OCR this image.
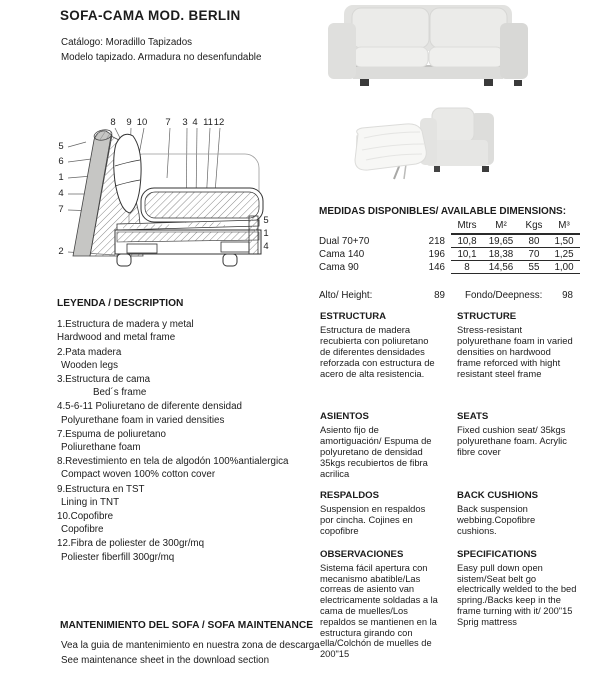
SOFA-CAMA MOD. BERLIN
Catálogo: Moradillo Tapizados
Modelo tapizado. Armadura no desenfundable
8	9 10	7	3 4 11 12
5
6
1
4
7
2
5
1
4
MEDIDAS DISPONIBLES/ AVAILABLE DIMENSIONS:
Mtrs	M²	Kgs	M³
Dual 70+70	218	10,8	19,65	80	1,50
Cama 140	196	10,1	18,38	70	1,25
Cama 90	146	8	14,56	55	1,00
Alto/ Height:	89 Fondo/Deepness:	98
LEYENDA / DESCRIPTION
1.Estructura de madera y metal
Hardwood and metal frame
2.Pata madera
Wooden legs
3.Estructura de cama
Bed´s frame
4.5-6-11 Poliuretano de diferente densidad
Polyurethane foam in varied densities
7.Espuma de poliuretano
Poliurethane foam
8.Revestimiento en tela de algodón 100%antialergica
Compact woven 100% cotton cover
9.Estructura en TST
Lining in TNT
10.Copofibre
Copofibre
12.Fibra de poliester de 300gr/mq
Poliester fiberfill 300gr/mq
ESTRUCTURA
Estructura de madera recubierta con poliuretano de diferentes densidades reforzada con estructura de acero de alta resistencia.
STRUCTURE
Stress-resistant polyurethane foam in varied densities on hardwood frame reforced with hight resistant steel frame
ASIENTOS
Asiento fijo de amortiguación/ Espuma de polyuretano de densidad 35kgs recubiertos de fibra acrilica
SEATS
Fixed cushion seat/ 35kgs polyurethane foam. Acrylic fibre cover
RESPALDOS
Suspension en respaldos por cincha. Cojines en copofibre
BACK CUSHIONS
Back suspension webbing.Copofibre cushions.
OBSERVACIONES
Sistema fácil apertura con mecanismo abatible/Las correas de asiento van electricamente soldadas a la cama de muelles/Los repaldos se mantienen en la estructura girando con ella/Colchón de muelles de 200"15
SPECIFICATIONS
Easy pull down open sistem/Seat belt go electrically welded to the bed spring./Backs keep in the frame turning with it/ 200"15 Sprig mattress
MANTENIMIENTO DEL SOFA / SOFA MAINTENANCE
Vea la guia de mantenimiento en nuestra zona de descarga
See maintenance sheet in the download section
